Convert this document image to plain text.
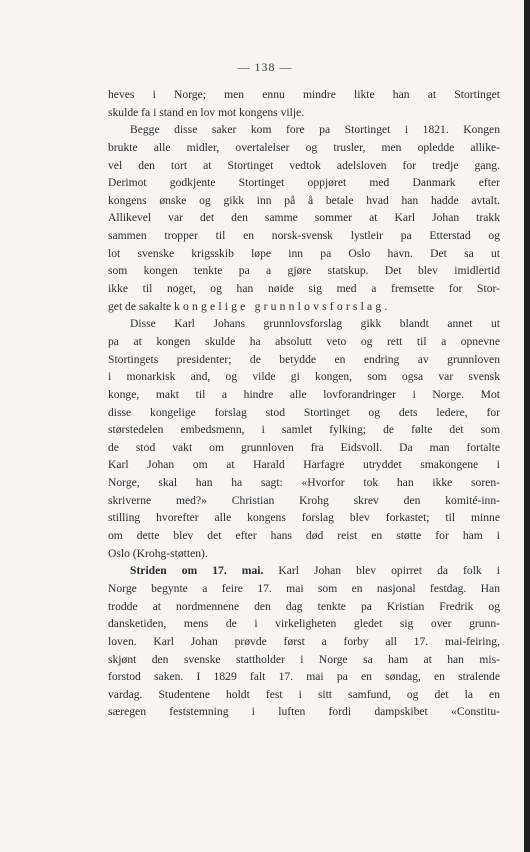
— 138 —
heves i Norge; men ennu mindre likte han at Stortinget
skulde fa i stand en lov mot kongens vilje.
Begge disse saker kom fore pa Stortinget i 1821. Kongen
brukte alle midler, overtalelser og trusler, men opledde allike-
vel den tort at Stortinget vedtok adelsloven for tredje gang.
Derimot godkjente Stortinget oppjøret med Danmark efter
kongens ønske og gikk inn på å betale hvad han hadde avtalt.
Allikevel var det den samme sommer at Karl Johan trakk
sammen tropper til en norsk-svensk lystleir pa Etterstad og
lot svenske krigsskib løpe inn pa Oslo havn. Det sa ut
som kongen tenkte pa a gjøre statskup. Det blev imidlertid
ikke til noget, og han nøide sig med a fremsette for Stor-
get de sakalte kongelige grunnlovsforslag.
Disse Karl Johans grunnlovsforslag gikk blandt annet ut
pa at kongen skulde ha absolutt veto og rett til a opnevne
Stortingets presidenter; de betydde en endring av grunnloven
i monarkisk and, og vilde gi kongen, som ogsa var svensk
konge, makt til a hindre alle lovforandringer i Norge. Mot
disse kongelige forslag stod Stortinget og dets ledere, for
størstedelen embedsmenn, i samlet fylking; de følte det som
de stod vakt om grunnloven fra Eidsvoll. Da man fortalte
Karl Johan om at Harald Harfagre utryddet smakongene i
Norge, skal han ha sagt: «Hvorfor tok han ikke soren-
skriverne med?» Christian Krohg skrev den komité-inn-
stilling hvorefter alle kongens forslag blev forkastet; til minne
om dette blev det efter hans død reist en støtte for ham i
Oslo (Krohg-støtten).
Striden om 17. mai. Karl Johan blev opirret da folk i
Norge begynte a feire 17. mai som en nasjonal festdag. Han
trodde at nordmennene den dag tenkte pa Kristian Fredrik og
dansketiden, mens de i virkeligheten gledet sig over grunn-
loven. Karl Johan prøvde først a forby all 17. mai-feiring,
skjønt den svenske stattholder i Norge sa ham at han mis-
forstod saken. I 1829 falt 17. mai pa en søndag, en stralende
vardag. Studentene holdt fest i sitt samfund, og det la en
særegen feststemning i luften fordi dampskibet «Constitu-
